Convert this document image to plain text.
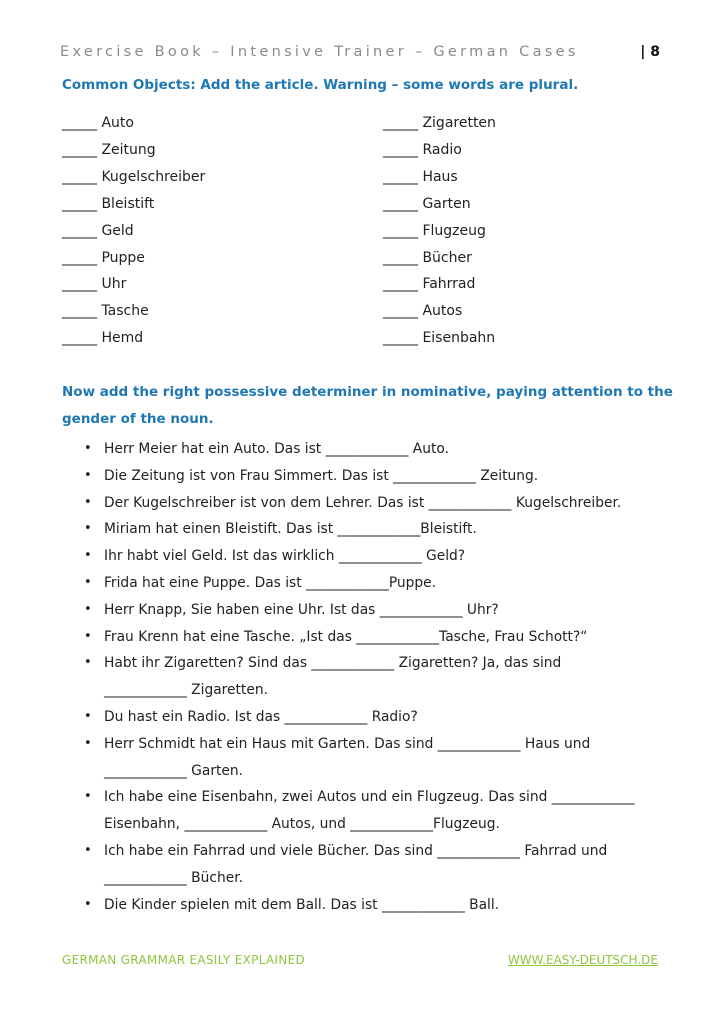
Exercise Book – Intensive Trainer – German Cases	| 8
Common Objects: Add the article. Warning – some words are plural.
_____ Auto
_____ Zeitung
_____ Kugelschreiber
_____ Bleistift
_____ Geld
_____ Puppe
_____ Uhr
_____ Tasche
_____ Hemd
_____ Zigaretten
_____ Radio
_____ Haus
_____ Garten
_____ Flugzeug
_____ Bücher
_____ Fahrrad
_____ Autos
_____ Eisenbahn
Now add the right possessive determiner in nominative, paying attention to the
gender of the noun.
• Herr Meier hat ein Auto. Das ist ____________ Auto.
• Die Zeitung ist von Frau Simmert. Das ist ____________ Zeitung.
• Der Kugelschreiber ist von dem Lehrer. Das ist ____________ Kugelschreiber.
• Miriam hat einen Bleistift. Das ist ____________Bleistift.
• Ihr habt viel Geld. Ist das wirklich ____________ Geld?
• Frida hat eine Puppe. Das ist ____________Puppe.
• Herr Knapp, Sie haben eine Uhr. Ist das ____________ Uhr?
• Frau Krenn hat eine Tasche. „Ist das ____________Tasche, Frau Schott?“
• Habt ihr Zigaretten? Sind das ____________ Zigaretten? Ja, das sind
____________ Zigaretten.
• Du hast ein Radio. Ist das ____________ Radio?
• Herr Schmidt hat ein Haus mit Garten. Das sind ____________ Haus und
____________ Garten.
• Ich habe eine Eisenbahn, zwei Autos und ein Flugzeug. Das sind ____________
Eisenbahn, ____________ Autos, und ____________Flugzeug.
• Ich habe ein Fahrrad und viele Bücher. Das sind ____________ Fahrrad und
____________ Bücher.
• Die Kinder spielen mit dem Ball. Das ist ____________ Ball.
GERMAN GRAMMAR EASILY EXPLAINED	WWW.EASY-DEUTSCH.DE
